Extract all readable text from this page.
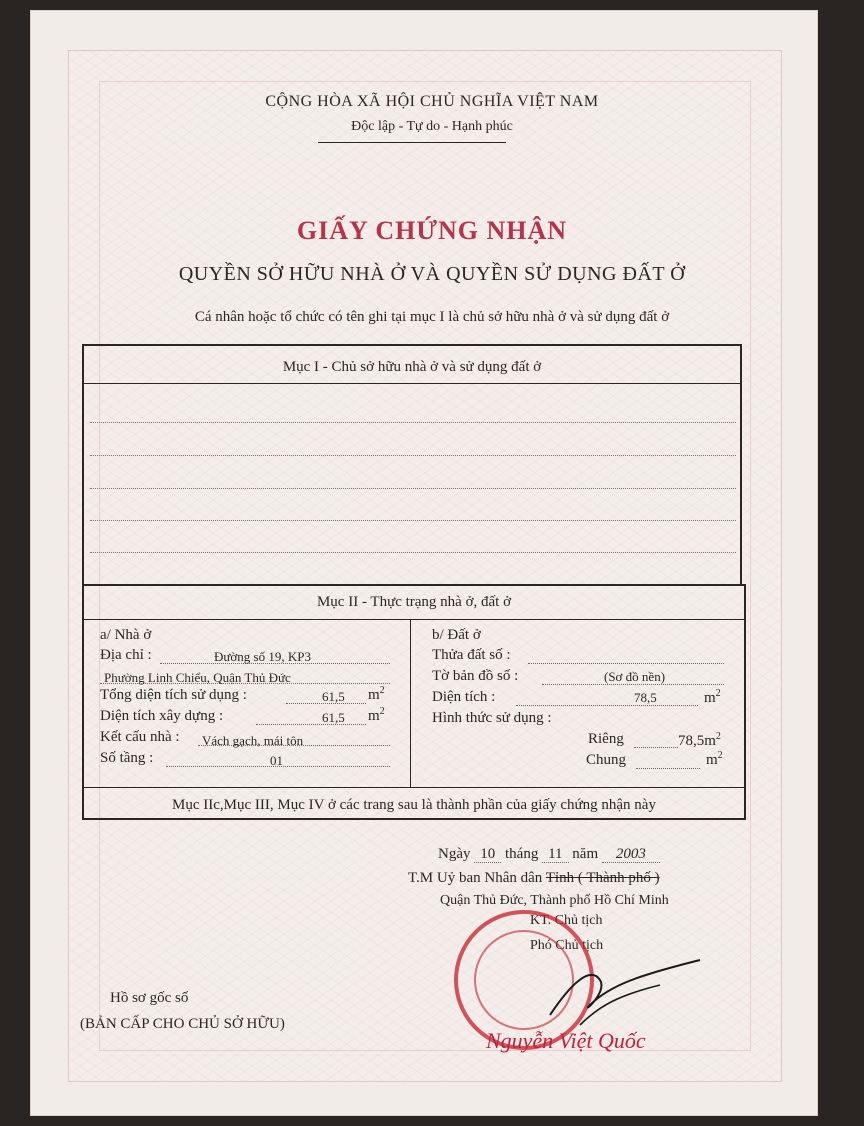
CỘNG HÒA XÃ HỘI CHỦ NGHĨA VIỆT NAM
Độc lập - Tự do - Hạnh phúc
GIẤY CHỨNG NHẬN
QUYỀN SỞ HỮU NHÀ Ở VÀ QUYỀN SỬ DỤNG ĐẤT Ở
Cá nhân hoặc tổ chức có tên ghi tại mục I là chủ sở hữu nhà ở và sử dụng đất ở
Mục I - Chủ sở hữu nhà ở và sử dụng đất ở
Mục II - Thực trạng nhà ở, đất ở
a/ Nhà ở
Địa chỉ :	Đường số 19, KP3
Phường Linh Chiểu, Quận Thủ Đức
Tổng diện tích sử dụng :	61,5 $m^2$
Diện tích xây dựng :	61,5 $m^2$
Kết cấu nhà : Vách gạch, mái tôn
Số tầng :	01
b/ Đất ở
Thửa đất số :
Tờ bản đồ số :	(Sơ đồ nền)
Diện tích :	78,5	$m^2$
Hình thức sử dụng :
Riêng	$78,5m^2$
Chung	$m^2$
Mục IIc,Mục III, Mục IV ở các trang sau là thành phần của giấy chứng nhận này
Ngày 10 tháng 11 năm 2003
T.M Uỷ ban Nhân dân Tỉnh ( Thành phố )
Quận Thủ Đức, Thành phố Hồ Chí Minh
KT. Chủ tịch
Phó Chủ tịch
Nguyễn Việt Quốc
Hồ sơ gốc số
(BẢN CẤP CHO CHỦ SỞ HỮU)
